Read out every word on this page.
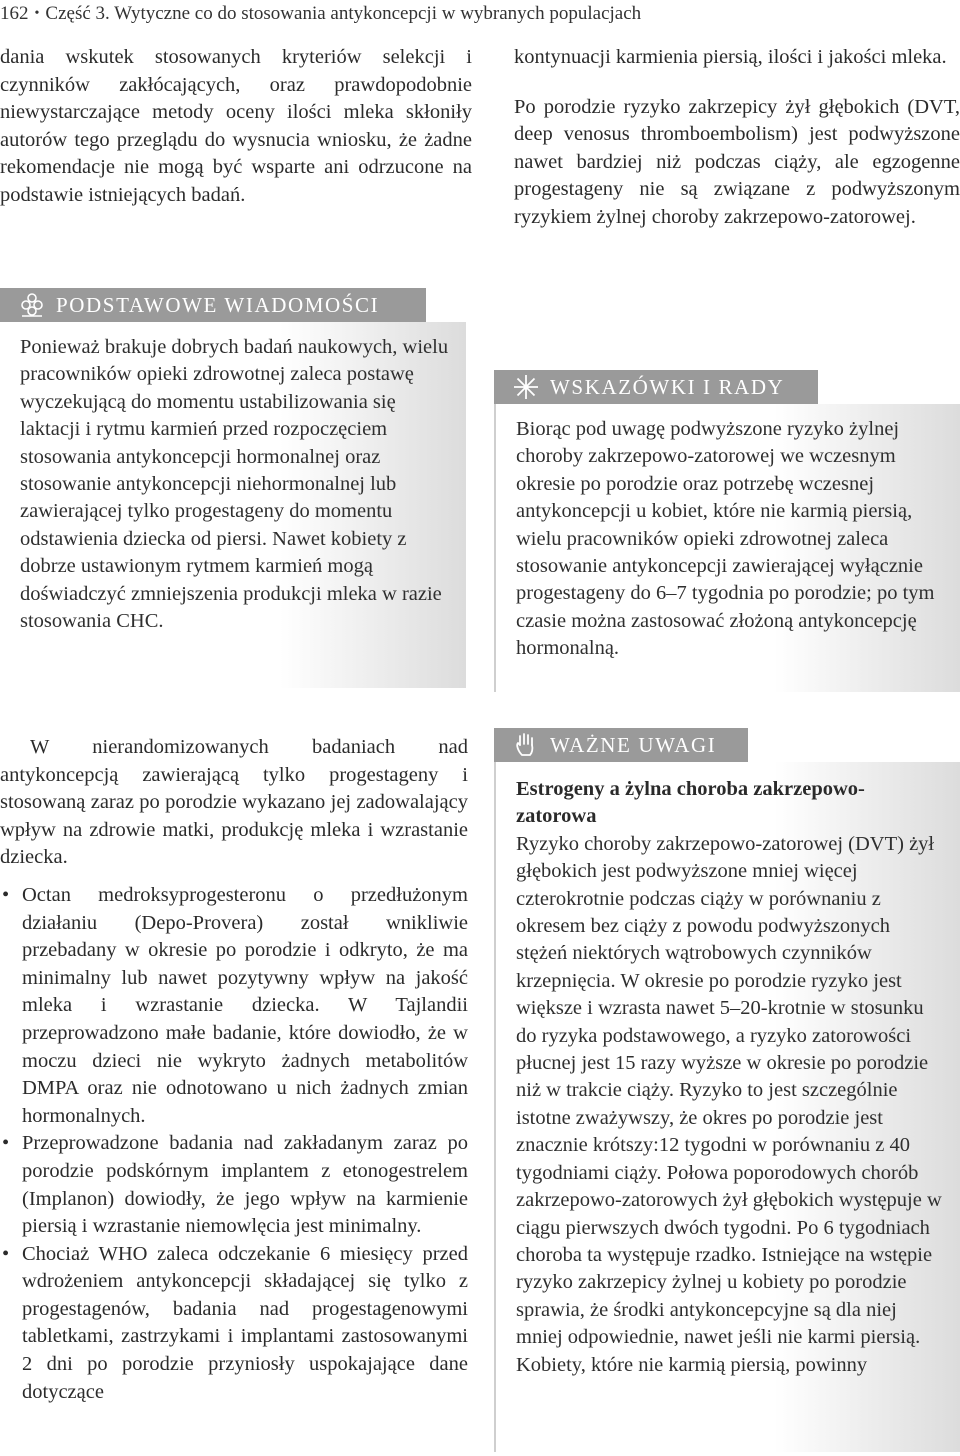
162 • Część 3. Wytyczne co do stosowania antykoncepcji w wybranych populacjach

dania wskutek stosowanych kryteriów selekcji i czynników zakłócających, oraz prawdopodobnie niewystarczające metody oceny ilości mleka skłoniły autorów tego przeglądu do wysnucia wniosku, że żadne rekomendacje nie mogą być wsparte ani odrzucone na podstawie istniejących badań.

PODSTAWOWE WIADOMOŚCI
Ponieważ brakuje dobrych badań naukowych, wielu pracowników opieki zdrowotnej zaleca postawę wyczekującą do momentu ustabilizowania się laktacji i rytmu karmień przed rozpoczęciem stosowania antykoncepcji hormonalnej oraz stosowanie antykoncepcji niehormonalnej lub zawierającej tylko progestageny do momentu odstawienia dziecka od piersi. Nawet kobiety z dobrze ustawionym rytmem karmień mogą doświadczyć zmniejszenia produkcji mleka w razie stosowania CHC.

kontynuacji karmienia piersią, ilości i jakości mleka.

Po porodzie ryzyko zakrzepicy żył głębokich (DVT, deep venosus thromboembolism) jest podwyższone nawet bardziej niż podczas ciąży, ale egzogenne progestageny nie są związane z podwyższonym ryzykiem żylnej choroby zakrzepowo-zatorowej.

WSKAZÓWKI I RADY
Biorąc pod uwagę podwyższone ryzyko żylnej choroby zakrzepowo-zatorowej we wczesnym okresie po porodzie oraz potrzebę wczesnej antykoncepcji u kobiet, które nie karmią piersią, wielu pracowników opieki zdrowotnej zaleca stosowanie antykoncepcji zawierającej wyłącznie progestageny do 6–7 tygodnia po porodzie; po tym czasie można zastosować złożoną antykoncepcję hormonalną.

W nierandomizowanych badaniach nad antykoncepcją zawierającą tylko progestageny i stosowaną zaraz po porodzie wykazano jej zadowalający wpływ na zdrowie matki, produkcję mleka i wzrastanie dziecka.

• Octan medroksyprogesteronu o przedłużonym działaniu (Depo-Provera) został wnikliwie przebadany w okresie po porodzie i odkryto, że ma minimalny lub nawet pozytywny wpływ na jakość mleka i wzrastanie dziecka. W Tajlandii przeprowadzono małe badanie, które dowiodło, że w moczu dzieci nie wykryto żadnych metabolitów DMPA oraz nie odnotowano u nich żadnych zmian hormonalnych.
• Przeprowadzone badania nad zakładanym zaraz po porodzie podskórnym implantem z etonogestrelem (Implanon) dowiodły, że jego wpływ na karmienie piersią i wzrastanie niemowlęcia jest minimalny.
• Chociaż WHO zaleca odczekanie 6 miesięcy przed wdrożeniem antykoncepcji składającej się tylko z progestagenów, badania nad progestagenowymi tabletkami, zastrzykami i implantami zastosowanymi 2 dni po porodzie przyniosły uspokajające dane dotyczące
WAŻNE UWAGI
Estrogeny a żylna choroba zakrzepowo-zatorowa
Ryzyko choroby zakrzepowo-zatorowej (DVT) żył głębokich jest podwyższone mniej więcej czterokrotnie podczas ciąży w porównaniu z okresem bez ciąży z powodu podwyższonych stężeń niektórych wątrobowych czynników krzepnięcia. W okresie po porodzie ryzyko jest większe i wzrasta nawet 5–20-krotnie w stosunku do ryzyka podstawowego, a ryzyko zatorowości płucnej jest 15 razy wyższe w okresie po porodzie niż w trakcie ciąży. Ryzyko to jest szczególnie istotne zważywszy, że okres po porodzie jest znacznie krótszy:12 tygodni w porównaniu z 40 tygodniami ciąży. Połowa poporodowych chorób zakrzepowo-zatorowych żył głębokich występuje w ciągu pierwszych dwóch tygodni. Po 6 tygodniach choroba ta występuje rzadko. Istniejące na wstępie ryzyko zakrzepicy żylnej u kobiety po porodzie sprawia, że środki antykoncepcyjne są dla niej mniej odpowiednie, nawet jeśli nie karmi piersią. Kobiety, które nie karmią piersią, powinny
